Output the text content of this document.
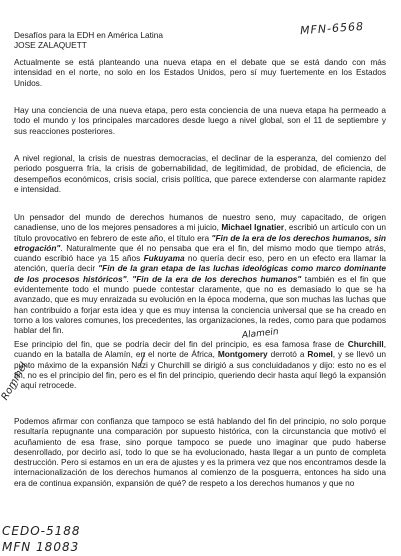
MFN-6568
Desafíos para la EDH en América Latina
JOSE ZALAQUETT

Actualmente se está planteando una nueva etapa en el debate que se está dando con más intensidad en el norte, no solo en los Estados Unidos, pero sí muy fuertemente en los Estados Unidos.

Hay una conciencia de una nueva etapa, pero esta conciencia de una nueva etapa ha permeado a todo el mundo y los principales marcadores desde luego a nivel global, son el 11 de septiembre y sus reacciones posteriores.

A nivel regional, la crisis de nuestras democracias, el declinar de la esperanza, del comienzo del periodo posguerra fría, la crisis de gobernabilidad, de legitimidad, de probidad, de eficiencia, de desempeños económicos, crisis social, crisis política, que parece extenderse con alarmante rapidez e intensidad.

Un pensador del mundo de derechos humanos de nuestro seno, muy capacitado, de origen canadiense, uno de los mejores pensadores a mi juicio, Michael Ignatier, escribió un artículo con un título provocativo en febrero de este año, el título era "Fin de la era de los derechos humanos, sin etrogación". Naturalmente que él no pensaba que era el fin, del mismo modo que tiempo atrás, cuando escribió hace ya 15 años Fukuyama no quería decir eso, pero en un efecto era llamar la atención, quería decir "Fin de la gran etapa de las luchas ideológicas como marco dominante de los procesos históricos". "Fin de la era de los derechos humanos" también es el fin que evidentemente todo el mundo puede contestar claramente, que no es demasiado lo que se ha avanzado, que es muy enraizada su evolución en la época moderna, que son muchas las luchas que han contribuido a forjar esta idea y que es muy intensa la conciencia universal que se ha creado en torno a los valores comunes, los precedentes, las organizaciones, la redes, como para que podamos hablar del fin.	Alamein
Rommel

Ese principio del fin, que se podría decir del fin del principio, es esa famosa frase de Churchill, cuando en la batalla de Alamín, en el norte de África, Montgomery derrotó a Romel, y se llevó un punto máximo de la expansión Nazi y Churchill se dirigió a sus concluidadanos y dijo: esto no es el fin, no es el principio del fin, pero es el fin del principio, queriendo decir hasta aquí llegó la expansión y aquí retrocede.

Podemos afirmar con confianza que tampoco se está hablando del fin del principio, no solo porque resultaría repugnante una comparación por supuesto histórica, con la circunstancia que motivó el acuñamiento de esa frase, sino porque tampoco se puede uno imaginar que pudo haberse desenrollado, por decirlo así, todo lo que se ha evolucionado, hasta llegar a un punto de completa destrucción. Pero si estamos en un era de ajustes y es la primera vez que nos encontramos desde la internacionalización de los derechos humanos al comienzo de la posguerra, entonces ha sido una era de continua expansión, expansión de qué? de respeto a los derechos humanos y que no

CEDO-5188
MFN 18083
